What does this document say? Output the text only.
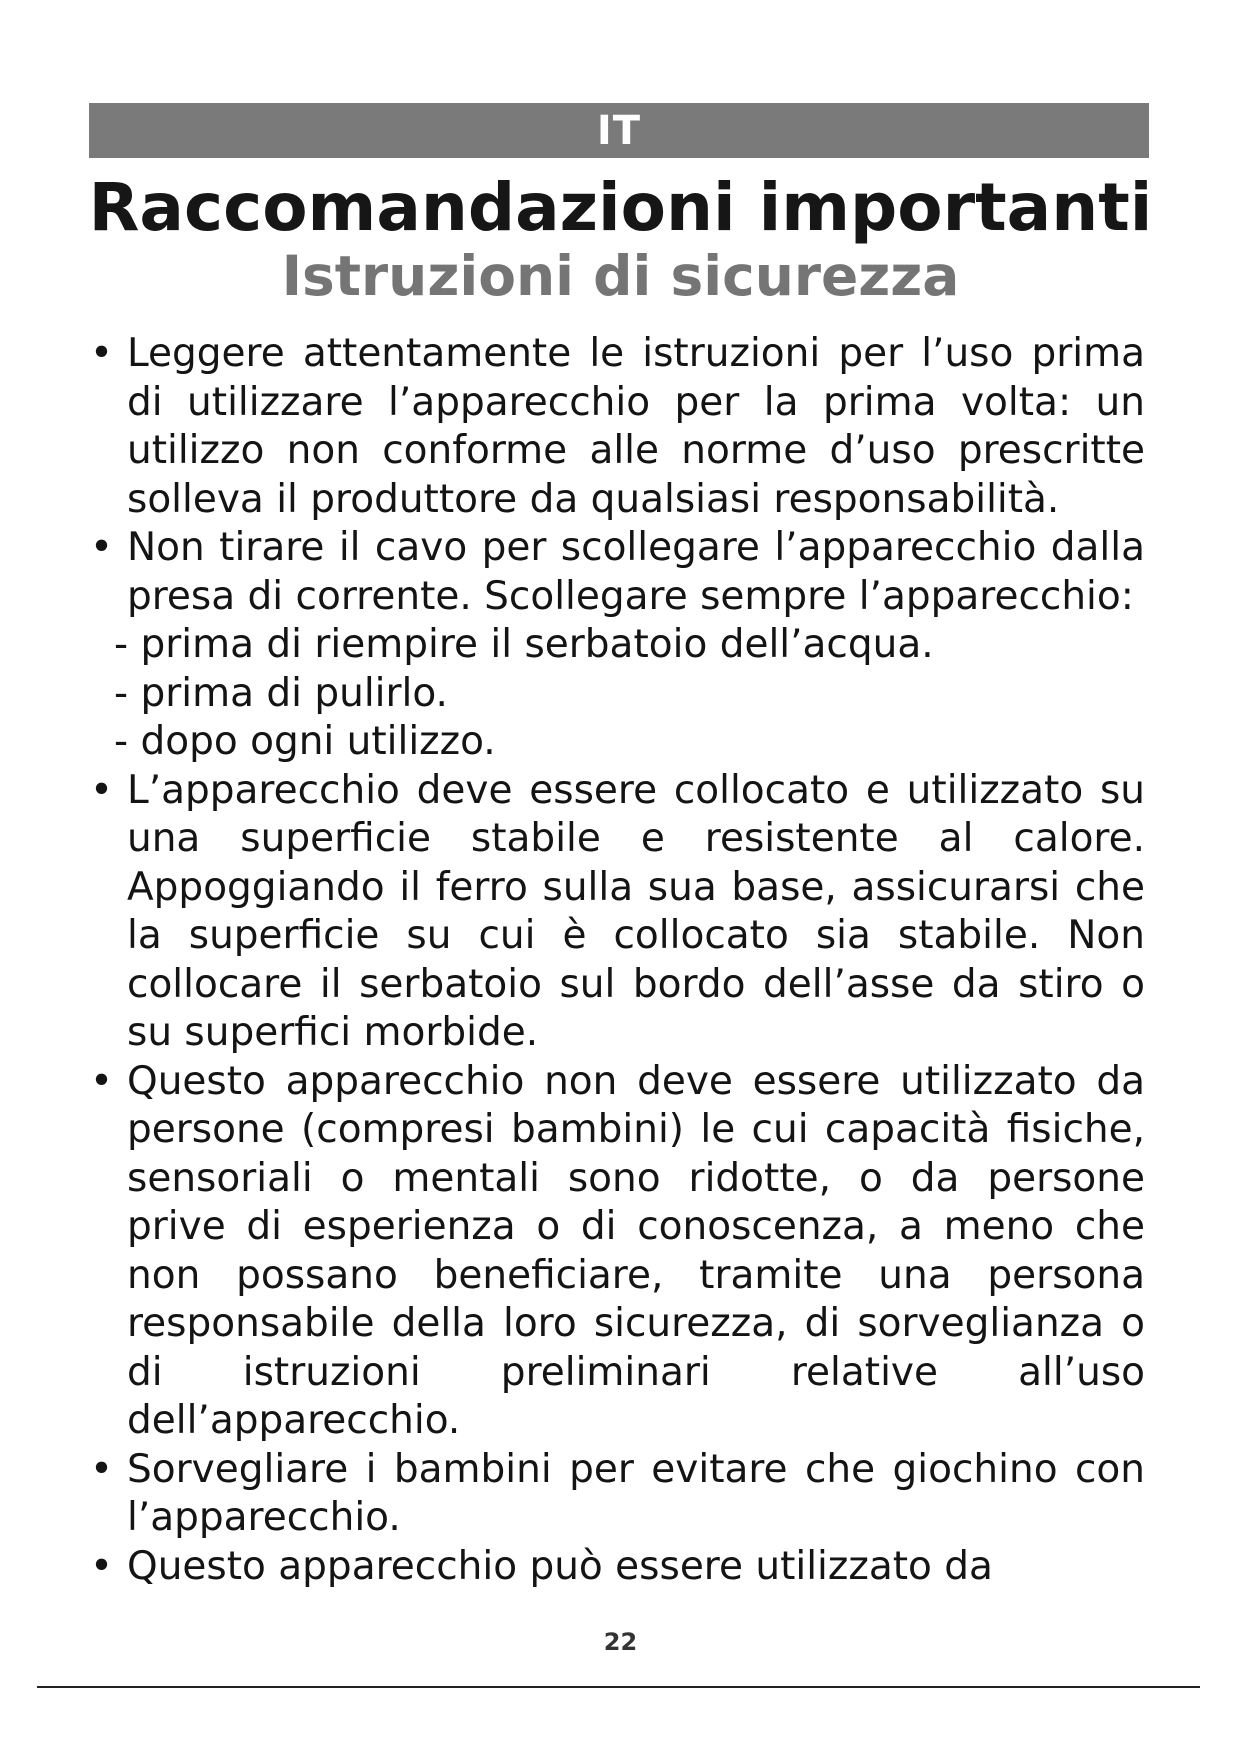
IT
Raccomandazioni importanti
Istruzioni di sicurezza

• Leggere attentamente le istruzioni per l’uso prima di utilizzare l’apparecchio per la prima volta: un utilizzo non conforme alle norme d’uso prescritte solleva il produttore da qualsiasi responsabilità.

• Non tirare il cavo per scollegare l’apparecchio dalla presa di corrente. Scollegare sempre l’apparecchio:

- prima di riempire il serbatoio dell’acqua.

- prima di pulirlo.

- dopo ogni utilizzo.

• L’apparecchio deve essere collocato e utilizzato su una superficie stabile e resistente al calore. Appoggiando il ferro sulla sua base, assicurarsi che la superficie su cui è collocato sia stabile. Non collocare il serbatoio sul bordo dell’asse da stiro o su superfici morbide.

• Questo apparecchio non deve essere utilizzato da persone (compresi bambini) le cui capacità fisiche, sensoriali o mentali sono ridotte, o da persone prive di esperienza o di conoscenza, a meno che non possano beneficiare, tramite una persona responsabile della loro sicurezza, di sorveglianza o di istruzioni preliminari relative all’uso dell’apparecchio.

• Sorvegliare i bambini per evitare che giochino con l’apparecchio.

• Questo apparecchio può essere utilizzato da

22
